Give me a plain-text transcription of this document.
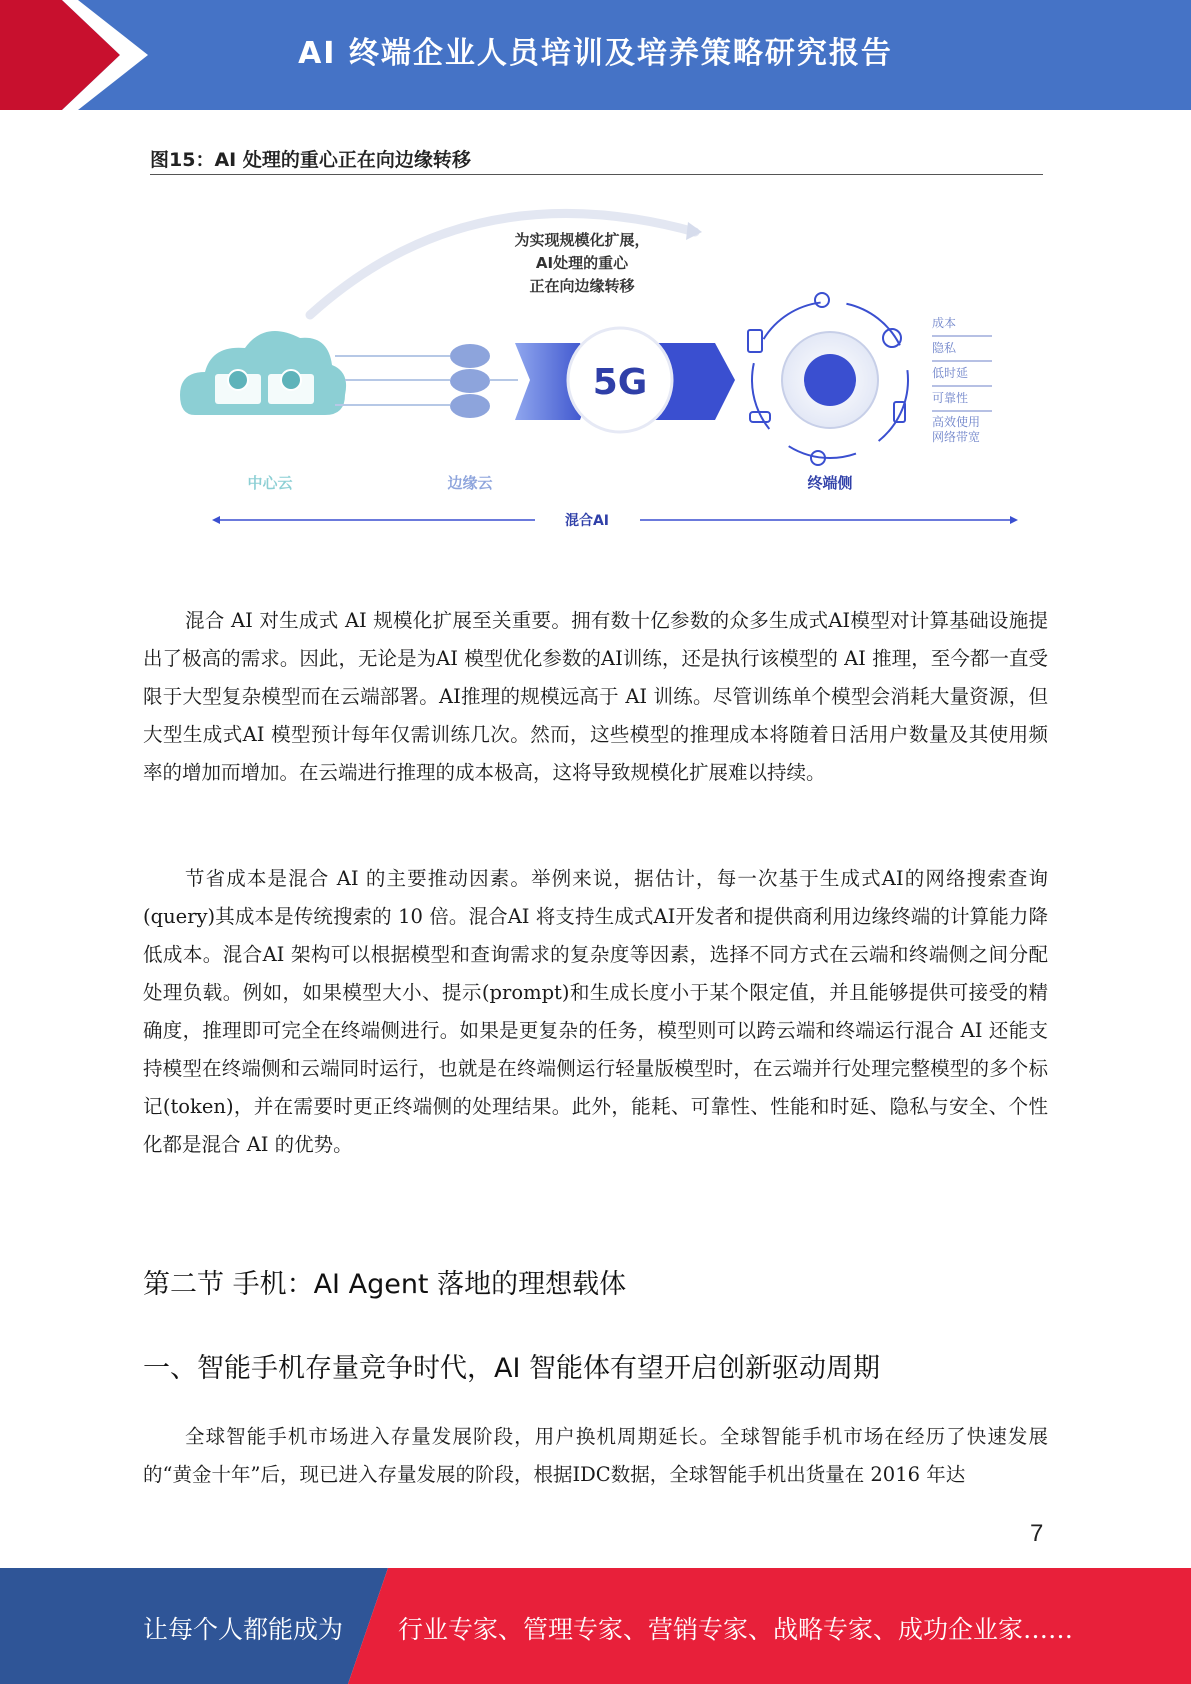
AI 终端企业人员培训及培养策略研究报告
图15：AI 处理的重心正在向边缘转移
为实现规模化扩展，
AI处理的重心
正在向边缘转移
5G
成本
隐私
低时延
可靠性
高效使用
网络带宽
中心云	边缘云	终端侧
混合AI

混合 AI 对生成式 AI 规模化扩展至关重要。拥有数十亿参数的众多生成式AI模型对计算基础设施提出了极高的需求。因此，无论是为AI 模型优化参数的AI训练，还是执行该模型的 AI 推理，至今都一直受限于大型复杂模型而在云端部署。AI推理的规模远高于 AI 训练。尽管训练单个模型会消耗大量资源，但大型生成式AI 模型预计每年仅需训练几次。然而，这些模型的推理成本将随着日活用户数量及其使用频率的增加而增加。在云端进行推理的成本极高，这将导致规模化扩展难以持续。

节省成本是混合 AI 的主要推动因素。举例来说，据估计，每一次基于生成式AI的网络搜索查询(query)其成本是传统搜索的 10 倍。混合AI 将支持生成式AI开发者和提供商利用边缘终端的计算能力降低成本。混合AI 架构可以根据模型和查询需求的复杂度等因素，选择不同方式在云端和终端侧之间分配处理负载。例如，如果模型大小、提示(prompt)和生成长度小于某个限定值，并且能够提供可接受的精确度，推理即可完全在终端侧进行。如果是更复杂的任务，模型则可以跨云端和终端运行混合 AI 还能支持模型在终端侧和云端同时运行，也就是在终端侧运行轻量版模型时，在云端并行处理完整模型的多个标记(token)，并在需要时更正终端侧的处理结果。此外，能耗、可靠性、性能和时延、隐私与安全、个性化都是混合 AI 的优势。

第二节 手机：AI Agent 落地的理想载体
一、智能手机存量竞争时代，AI 智能体有望开启创新驱动周期

全球智能手机市场进入存量发展阶段，用户换机周期延长。全球智能手机市场在经历了快速发展的“黄金十年”后，现已进入存量发展的阶段，根据IDC数据，全球智能手机出货量在 2016 年达

7
让每个人都能成为 行业专家、管理专家、营销专家、战略专家、成功企业家……
